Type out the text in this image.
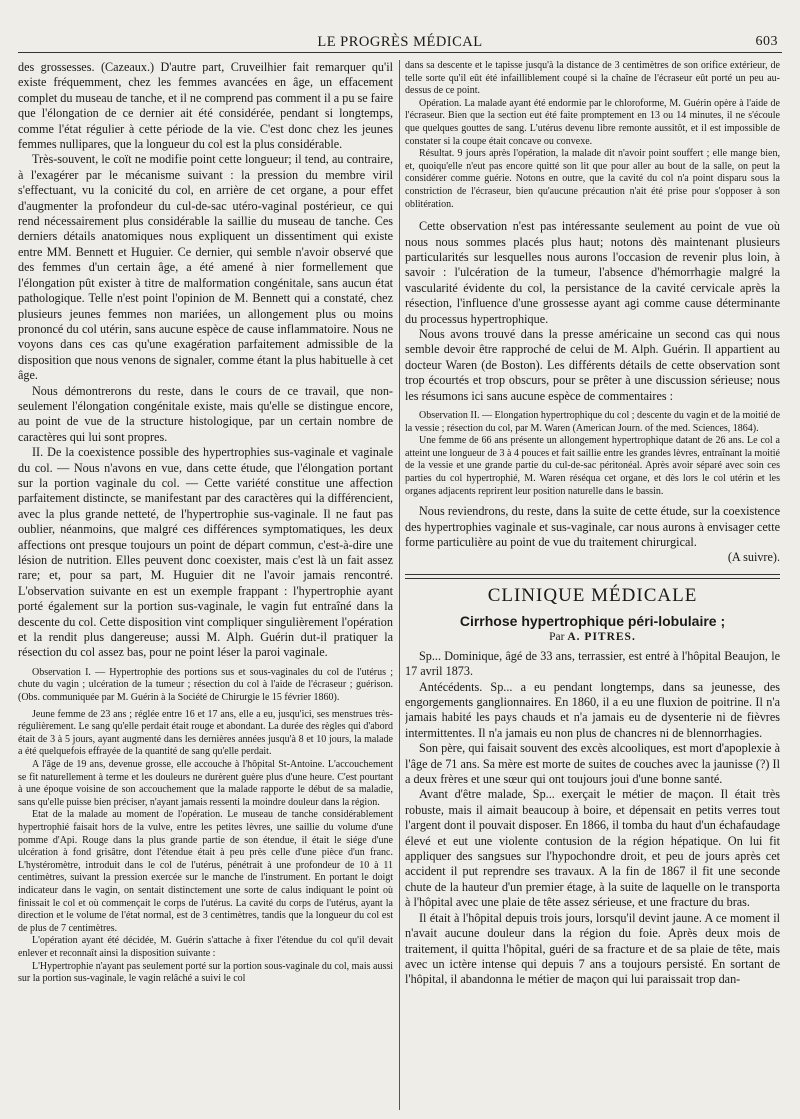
LE PROGRÈS MÉDICAL	603

des grossesses. (Cazeaux.) D'autre part, Cruveilhier fait remarquer qu'il existe fréquemment, chez les femmes avancées en âge, un effacement complet du museau de tanche, et il ne comprend pas comment il a pu se faire que l'élongation de ce dernier ait été considérée, pendant si longtemps, comme l'état régulier à cette période de la vie. C'est donc chez les jeunes femmes nullipares, que la longueur du col est la plus considérable.

Très-souvent, le coït ne modifie point cette longueur; il tend, au contraire, à l'exagérer par le mécanisme suivant : la pression du membre viril s'effectuant, vu la conicité du col, en arrière de cet organe, a pour effet d'augmenter la profondeur du cul-de-sac utéro-vaginal postérieur, ce qui rend nécessairement plus considérable la saillie du museau de tanche. Ces derniers détails anatomiques nous expliquent un dissentiment qui existe entre MM. Bennett et Huguier. Ce dernier, qui semble n'avoir observé que des femmes d'un certain âge, a été amené à nier formellement que l'élongation pût exister à titre de malformation congénitale, sans aucun état pathologique. Telle n'est point l'opinion de M. Bennett qui a constaté, chez plusieurs jeunes femmes non mariées, un allongement plus ou moins prononcé du col utérin, sans aucune espèce de cause inflammatoire. Nous ne voyons dans ces cas qu'une exagération parfaitement admissible de la disposition que nous venons de signaler, comme étant la plus habituelle à cet âge.

Nous démontrerons du reste, dans le cours de ce travail, que non-seulement l'élongation congénitale existe, mais qu'elle se distingue encore, au point de vue de la structure histologique, par un certain nombre de caractères qui lui sont propres.

II. De la coexistence possible des hypertrophies sus-vaginale et vaginale du col. — Nous n'avons en vue, dans cette étude, que l'élongation portant sur la portion vaginale du col. — Cette variété constitue une affection parfaitement distincte, se manifestant par des caractères qui la différencient, avec la plus grande netteté, de l'hypertrophie sus-vaginale. Il ne faut pas oublier, néanmoins, que malgré ces différences symptomatiques, les deux affections ont presque toujours un point de départ commun, c'est-à-dire une lésion de nutrition. Elles peuvent donc coexister, mais c'est là un fait assez rare; et, pour sa part, M. Huguier dit ne l'avoir jamais rencontré. L'observation suivante en est un exemple frappant : l'hypertrophie ayant porté également sur la portion sus-vaginale, le vagin fut entraîné dans la descente du col. Cette disposition vint compliquer singulièrement l'opération et la rendit plus dangereuse; aussi M. Alph. Guérin dut-il pratiquer la résection du col assez bas, pour ne point léser la paroi vaginale.

Observation I. — Hypertrophie des portions sus et sous-vaginales du col de l'utérus ; chute du vagin ; ulcération de la tumeur ; résection du col à l'aide de l'écraseur ; guérison. (Obs. communiquée par M. Guérin à la Société de Chirurgie le 15 février 1860).

Jeune femme de 23 ans ; réglée entre 16 et 17 ans, elle a eu, jusqu'ici, ses menstrues très-régulièrement. Le sang qu'elle perdait était rouge et abondant. La durée des règles qui d'abord était de 3 à 5 jours, ayant augmenté dans les dernières années jusqu'à 8 et 10 jours, la malade a été quelquefois effrayée de la quantité de sang qu'elle perdait.

A l'âge de 19 ans, devenue grosse, elle accouche à l'hôpital St-Antoine. L'accouchement se fit naturellement à terme et les douleurs ne durèrent guère plus d'une heure. C'est pourtant à une époque voisine de son accouchement que la malade rapporte le début de sa maladie, sans qu'elle puisse bien préciser, n'ayant jamais ressenti la moindre douleur dans la région.

Etat de la malade au moment de l'opération. Le museau de tanche considérablement hypertrophié faisait hors de la vulve, entre les petites lèvres, une saillie du volume d'une pomme d'Api. Rouge dans la plus grande partie de son étendue, il était le siége d'une ulcération à fond grisâtre, dont l'étendue était à peu près celle d'une pièce d'un franc. L'hystéromètre, introduit dans le col de l'utérus, pénétrait à une profondeur de 10 à 11 centimètres, suivant la pression exercée sur le manche de l'instrument. En portant le doigt indicateur dans le vagin, on sentait distinctement une sorte de calus indiquant le point où finissait le col et où commençait le corps de l'utérus. La cavité du corps de l'utérus, ayant la direction et le volume de l'état normal, est de 3 centimètres, tandis que la longueur du col est de plus de 7 centimètres.

L'opération ayant été décidée, M. Guérin s'attache à fixer l'étendue du col qu'il devait enlever et reconnaît ainsi la disposition suivante :

L'Hypertrophie n'ayant pas seulement porté sur la portion sous-vaginale du col, mais aussi sur la portion sus-vaginale, le vagin relâché a suivi le col

dans sa descente et le tapisse jusqu'à la distance de 3 centimètres de son orifice extérieur, de telle sorte qu'il eût été infailliblement coupé si la chaîne de l'écraseur eût porté un peu au-dessus de ce point.

Opération. La malade ayant été endormie par le chloroforme, M. Guérin opère à l'aide de l'écraseur. Bien que la section eut été faite promptement en 13 ou 14 minutes, il ne s'écoule que quelques gouttes de sang. L'utérus devenu libre remonte aussitôt, et il est impossible de constater si la coupe était concave ou convexe.

Résultat. 9 jours après l'opération, la malade dit n'avoir point souffert ; elle mange bien, et, quoiqu'elle n'eut pas encore quitté son lit que pour aller au bout de la salle, on peut la considérer comme guérie. Notons en outre, que la cavité du col n'a point disparu sous la constriction de l'écraseur, bien qu'aucune précaution n'ait été prise pour s'opposer à son oblitération.

Cette observation n'est pas intéressante seulement au point de vue où nous nous sommes placés plus haut; notons dès maintenant plusieurs particularités sur lesquelles nous aurons l'occasion de revenir plus loin, à savoir : l'ulcération de la tumeur, l'absence d'hémorrhagie malgré la vascularité évidente du col, la persistance de la cavité cervicale après la résection, l'influence d'une grossesse ayant agi comme cause déterminante du processus hypertrophique.

Nous avons trouvé dans la presse américaine un second cas qui nous semble devoir être rapproché de celui de M. Alph. Guérin. Il appartient au docteur Waren (de Boston). Les différents détails de cette observation sont trop écourtés et trop obscurs, pour se prêter à une discussion sérieuse; nous les résumons ici sans aucune espèce de commentaires :

Observation II. — Elongation hypertrophique du col ; descente du vagin et de la moitié de la vessie ; résection du col, par M. Waren (American Journ. of the med. Sciences, 1864).

Une femme de 66 ans présente un allongement hypertrophique datant de 26 ans. Le col a atteint une longueur de 3 à 4 pouces et fait saillie entre les grandes lèvres, entraînant la moitié de la vessie et une grande partie du cul-de-sac péritonéal. Après avoir séparé avec soin ces parties du col hypertrophié, M. Waren réséqua cet organe, et dès lors le col utérin et les organes adjacents reprirent leur position naturelle dans le bassin.

Nous reviendrons, du reste, dans la suite de cette étude, sur la coexistence des hypertrophies vaginale et sus-vaginale, car nous aurons à envisager cette forme particulière au point de vue du traitement chirurgical.

(A suivre).

CLINIQUE MÉDICALE
Cirrhose hypertrophique péri-lobulaire ;
Par A. PITRES.

Sp... Dominique, âgé de 33 ans, terrassier, est entré à l'hôpital Beaujon, le 17 avril 1873.

Antécédents. Sp... a eu pendant longtemps, dans sa jeunesse, des engorgements ganglionnaires. En 1860, il a eu une fluxion de poitrine. Il n'a jamais habité les pays chauds et n'a jamais eu de dysenterie ni de fièvres intermittentes. Il n'a jamais eu non plus de chancres ni de blennorrhagies.

Son père, qui faisait souvent des excès alcooliques, est mort d'apoplexie à l'âge de 71 ans. Sa mère est morte de suites de couches avec la jaunisse (?) Il a deux frères et une sœur qui ont toujours joui d'une bonne santé.

Avant d'être malade, Sp... exerçait le métier de maçon. Il était très robuste, mais il aimait beaucoup à boire, et dépensait en petits verres tout l'argent dont il pouvait disposer. En 1866, il tomba du haut d'un échafaudage élevé et eut une violente contusion de la région hépatique. On lui fit appliquer des sangsues sur l'hypochondre droit, et peu de jours après cet accident il put reprendre ses travaux. A la fin de 1867 il fit une seconde chute de la hauteur d'un premier étage, à la suite de laquelle on le transporta à l'hôpital avec une plaie de tête assez sérieuse, et une fracture du bras.

Il était à l'hôpital depuis trois jours, lorsqu'il devint jaune. A ce moment il n'avait aucune douleur dans la région du foie. Après deux mois de traitement, il quitta l'hôpital, guéri de sa fracture et de sa plaie de tête, mais avec un ictère intense qui depuis 7 ans a toujours persisté. En sortant de l'hôpital, il abandonna le métier de maçon qui lui paraissait trop dan-
